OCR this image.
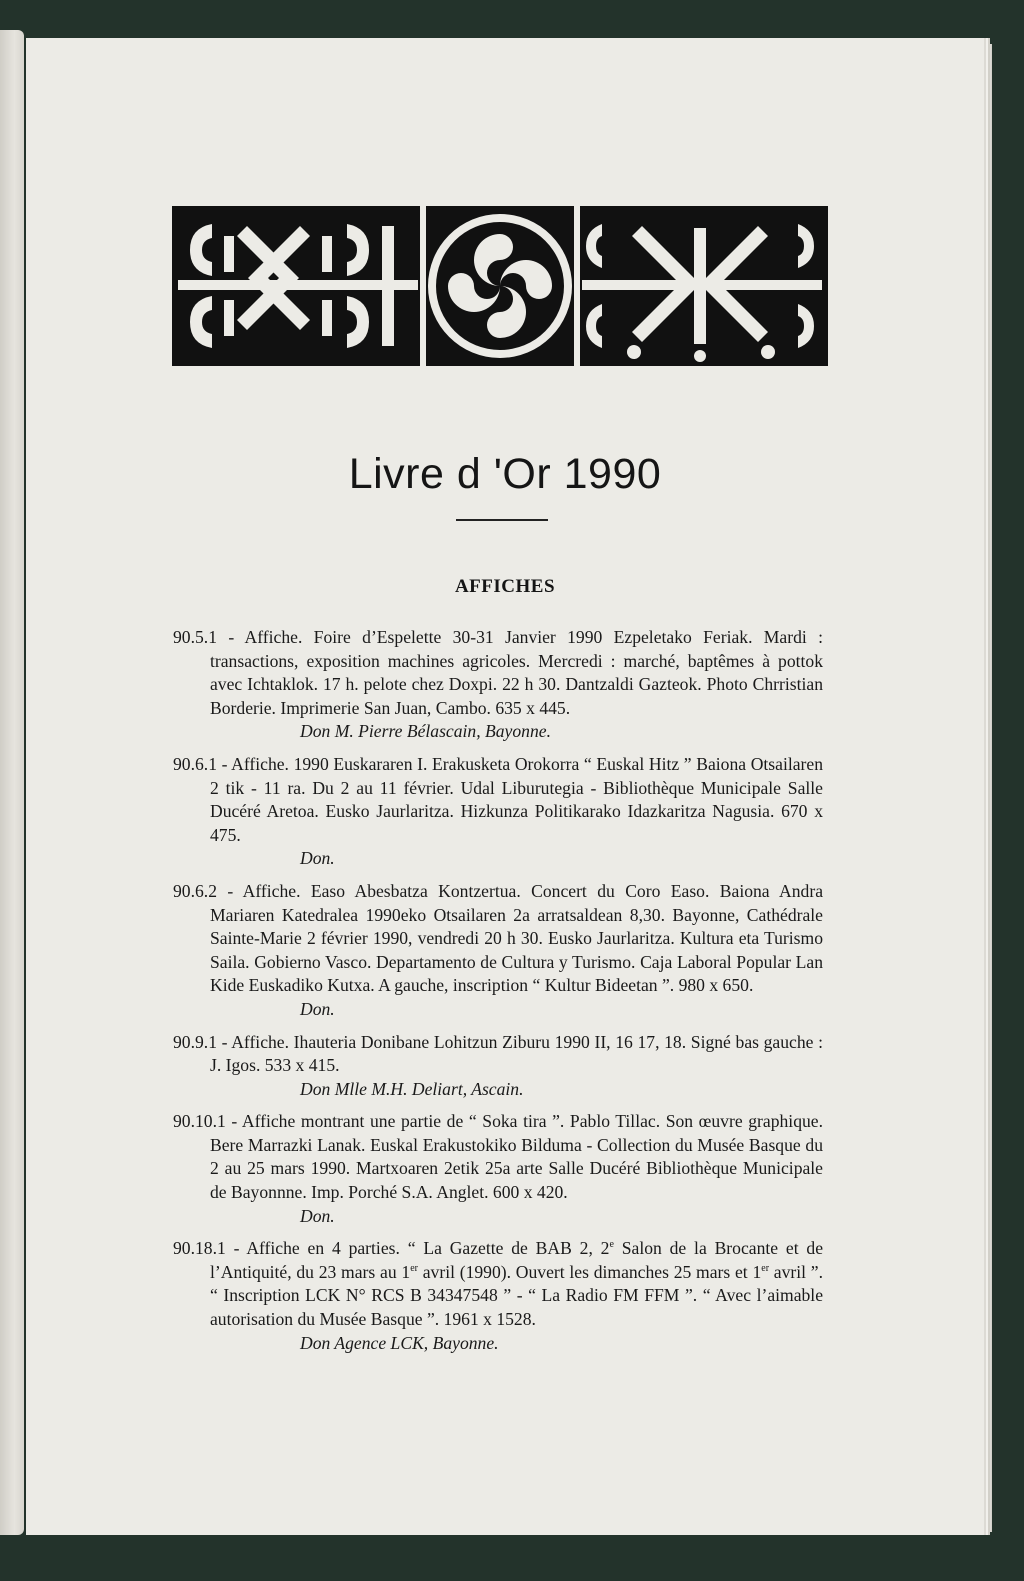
Livre d 'Or 1990
AFFICHES
90.5.1 - Affiche. Foire d’Espelette 30-31 Janvier 1990 Ezpeletako Feriak. Mardi : transactions, exposition machines agricoles. Mercredi : marché, baptêmes à pottok avec Ichtaklok. 17 h. pelote chez Doxpi. 22 h 30. Dantzaldi Gazteok. Photo Chrristian Borderie. Imprimerie San Juan, Cambo. 635 x 445.
Don M. Pierre Bélascain, Bayonne.
90.6.1 - Affiche. 1990 Euskararen I. Erakusketa Orokorra “ Euskal Hitz ” Baiona Otsailaren 2 tik - 11 ra. Du 2 au 11 février. Udal Liburutegia - Bibliothèque Municipale Salle Ducéré Aretoa. Eusko Jaurlaritza. Hizkunza Politikarako Idazkaritza Nagusia. 670 x 475.
Don.
90.6.2 - Affiche. Easo Abesbatza Kontzertua. Concert du Coro Easo. Baiona Andra Mariaren Katedralea 1990eko Otsailaren 2a arratsaldean 8,30. Bayonne, Cathédrale Sainte-Marie 2 février 1990, vendredi 20 h 30. Eusko Jaurlaritza. Kultura eta Turismo Saila. Gobierno Vasco. Departamento de Cultura y Turismo. Caja Laboral Popular Lan Kide Euskadiko Kutxa. A gauche, inscription “ Kultur Bideetan ”. 980 x 650.
Don.
90.9.1 - Affiche. Ihauteria Donibane Lohitzun Ziburu 1990 II, 16 17, 18. Signé bas gauche : J. Igos. 533 x 415.
Don Mlle M.H. Deliart, Ascain.
90.10.1 - Affiche montrant une partie de “ Soka tira ”. Pablo Tillac. Son œuvre graphique. Bere Marrazki Lanak. Euskal Erakustokiko Bilduma - Collection du Musée Basque du 2 au 25 mars 1990. Martxoaren 2etik 25a arte Salle Ducéré Bibliothèque Municipale de Bayonnne. Imp. Porché S.A. Anglet. 600 x 420.
Don.
90.18.1 - Affiche en 4 parties. “ La Gazette de BAB 2, 2e Salon de la Brocante et de l’Antiquité, du 23 mars au 1er avril (1990). Ouvert les dimanches 25 mars et 1er avril ”. “ Inscription LCK N° RCS B 34347548 ” - “ La Radio FM FFM ”. “ Avec l’aimable autorisation du Musée Basque ”. 1961 x 1528.
Don Agence LCK, Bayonne.
